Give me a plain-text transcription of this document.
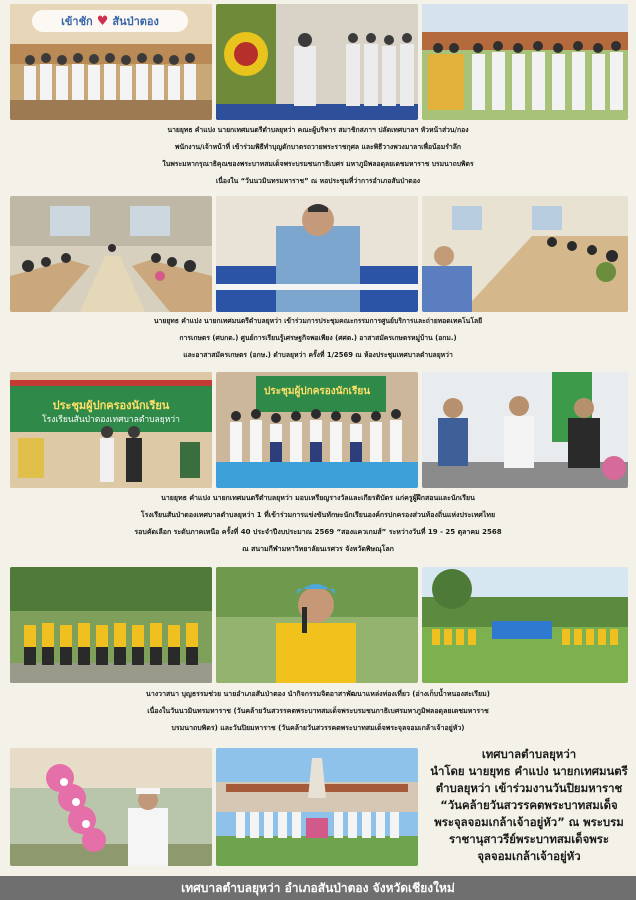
เข้าชัก ♥ สันป่าตอง
นายยุทธ คำแปง นายกเทศมนตรีตำบลยุหว่า คณะผู้บริหาร สมาชิกสภาฯ ปลัดเทศบาลฯ หัวหน้าส่วน/กอง
พนักงาน/เจ้าหน้าที่ เข้าร่วมพิธีทำบุญตักบาตรถวายพระราชกุศล และพิธีวางพวงมาลาเพื่อน้อมรำลึก
ในพระมหากรุณาธิคุณของพระบาทสมเด็จพระบรมชนกาธิเบศร มหาภูมิพลอดุลยเดชมหาราช บรมนาถบพิตร
เนื่องใน “วันนวมินทรมหาราช” ณ หอประชุมที่ว่าการอำเภอสันป่าตอง
นายยุทธ คำแปง นายกเทศมนตรีตำบลยุหว่า เข้าร่วมการประชุมคณะกรรมการศูนย์บริการและถ่ายทอดเทคโนโลยี
การเกษตร (ศบกต.) ศูนย์การเรียนรู้เศรษฐกิจพอเพียง (ศศต.) อาสาสมัครเกษตรหมู่บ้าน (อกม.)
และอาสาสมัครเกษตร (อกษ.) ตำบลยุหว่า ครั้งที่ 1/2569 ณ ห้องประชุมเทศบาลตำบลยุหว่า
ประชุมผู้ปกครองนักเรียน
โรงเรียนสันป่าตองเทศบาลตำบลยุหว่า
ประชุมผู้ปกครองนักเรียน
นายยุทธ คำแปง นายกเทศมนตรีตำบลยุหว่า มอบเหรียญรางวัลและเกียรติบัตร แก่ครูผู้ฝึกสอนและนักเรียน
โรงเรียนสันป่าตองเทศบาลตำบลยุหว่า 1 ที่เข้าร่วมการแข่งขันทักษะนักเรียนองค์กรปกครองส่วนท้องถิ่นแห่งประเทศไทย
รอบคัดเลือก ระดับภาคเหนือ ครั้งที่ 40 ประจำปีงบประมาณ 2569 “สองแควเกมส์” ระหว่างวันที่ 19 - 25 ตุลาคม 2568
ณ สนามกีฬามหาวิทยาลัยนเรศวร จังหวัดพิษณุโลก
นางวาสนา บุญธรรมช่วย นายอำเภอสันป่าตอง นำกิจกรรมจิตอาสาพัฒนาแหล่งท่องเที่ยว (อ่างเก็บน้ำหนองสะเรียม)
เนื่องในวันนวมินทรมหาราช (วันคล้ายวันสวรรคตพระบาทสมเด็จพระบรมชนกาธิเบศรมหาภูมิพลอดุลยเดชมหาราช
บรมนาถบพิตร) และวันปิยมหาราช (วันคล้ายวันสวรรคตพระบาทสมเด็จพระจุลจอมเกล้าเจ้าอยู่หัว)
เทศบาลตำบลยุหว่า
นำโดย นายยุทธ คำแปง นายกเทศมนตรี
ตำบลยุหว่า เข้าร่วมงานวันปิยมหาราช
“วันคล้ายวันสวรรคตพระบาทสมเด็จ
พระจุลจอมเกล้าเจ้าอยู่หัว” ณ พระบรม
ราชานุสาวรีย์พระบาทสมเด็จพระ
จุลจอมเกล้าเจ้าอยู่หัว
เทศบาลตำบลยุหว่า อำเภอสันป่าตอง จังหวัดเชียงใหม่
